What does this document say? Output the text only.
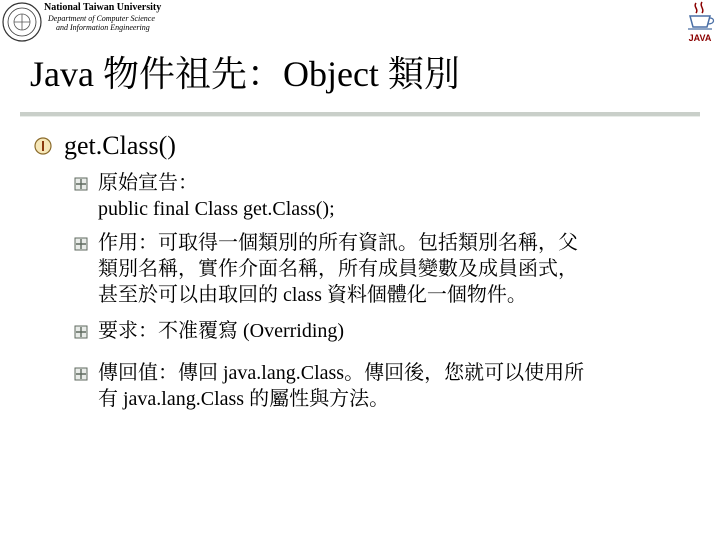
National Taiwan University
Department of Computer Science
and Information Engineering
JAVA
Java 物件祖先：Object 類別
get.Class()
原始宣告：
public final Class get.Class();
作用：可取得一個類別的所有資訊。包括類別名稱，父
類別名稱，實作介面名稱，所有成員變數及成員函式，
甚至於可以由取回的 class 資料個體化一個物件。
要求：不准覆寫 (Overriding)
傳回值：傳回 java.lang.Class。傳回後，您就可以使用所
有 java.lang.Class 的屬性與方法。
